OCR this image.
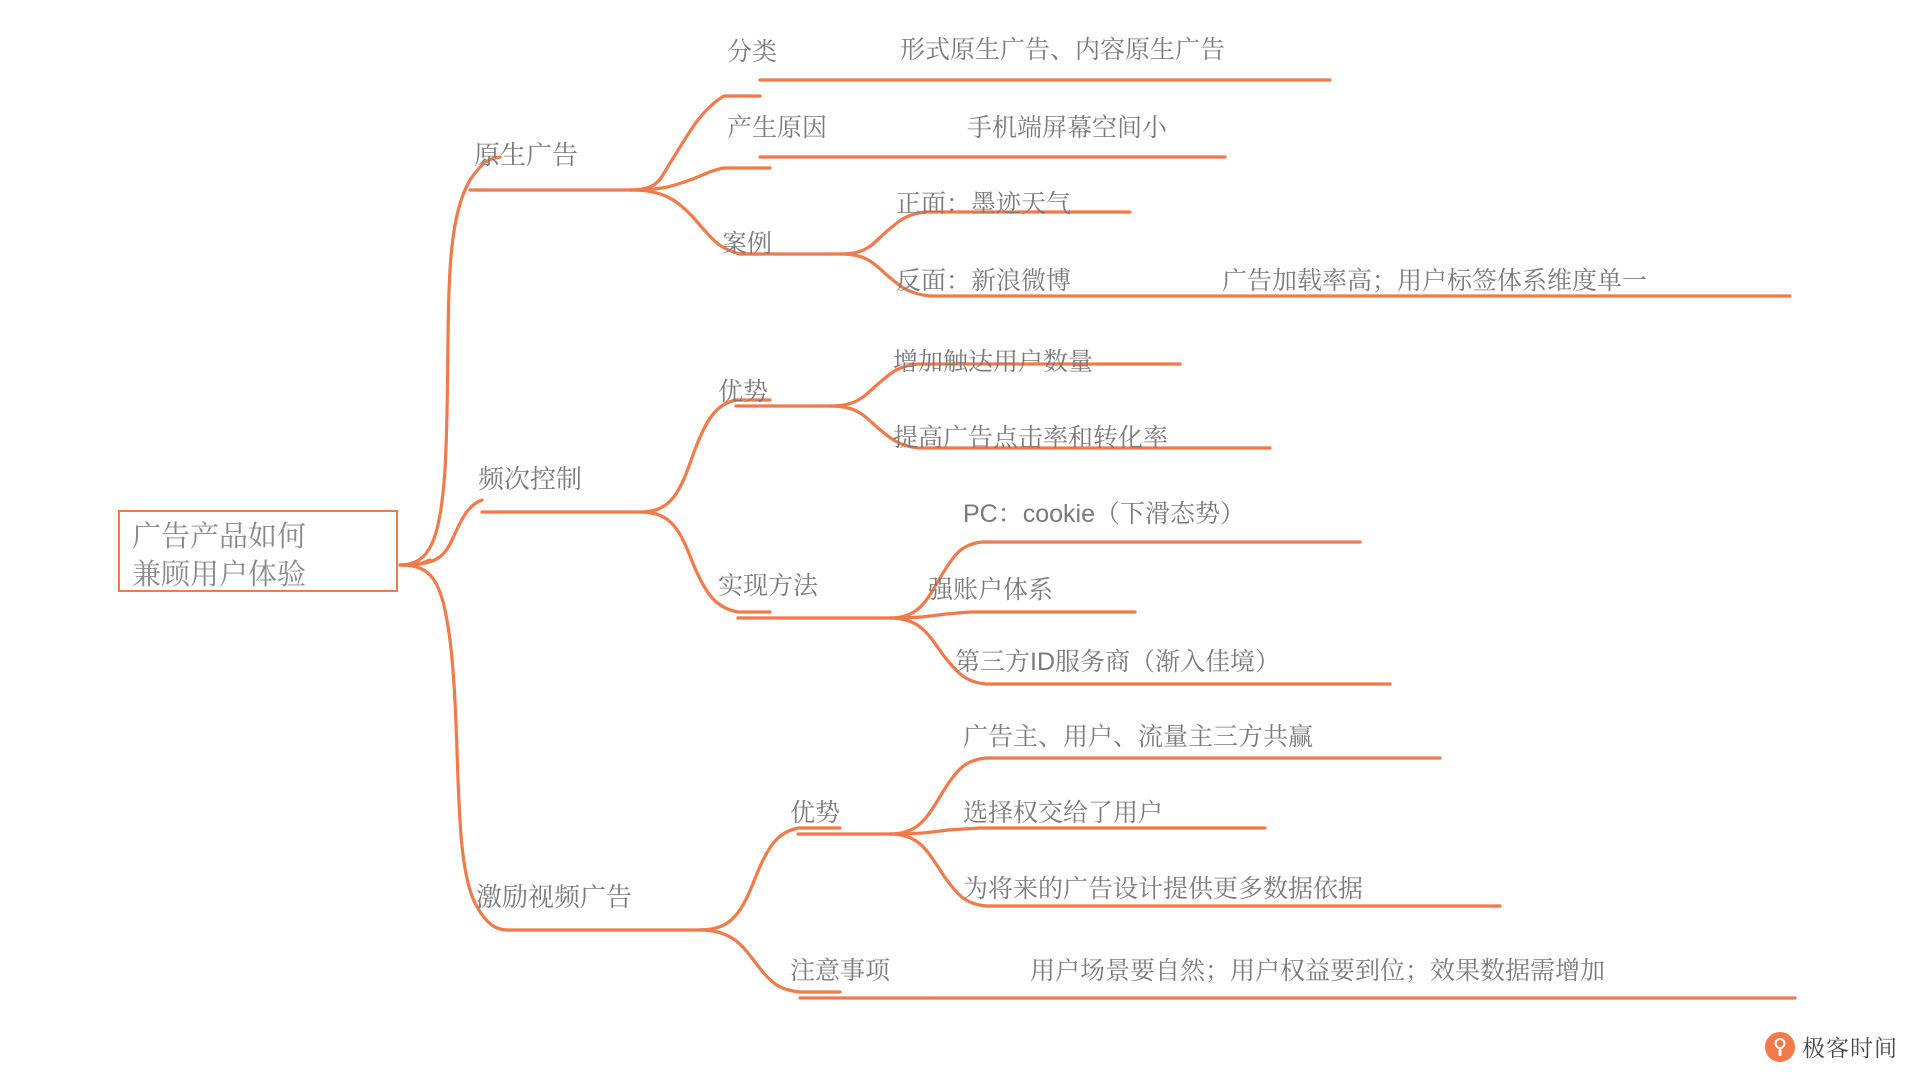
广告产品如何
兼顾用户体验
原生广告
频次控制
激励视频广告
分类
产生原因
案例
形式原生广告、内容原生广告
手机端屏幕空间小
正面：墨迹天气
反面：新浪微博	广告加载率高；用户标签体系维度单一
优势
实现方法
增加触达用户数量
提高广告点击率和转化率
PC：cookie（下滑态势）
强账户体系
第三方ID服务商（渐入佳境）
优势
注意事项
广告主、用户、流量主三方共赢
选择权交给了用户
为将来的广告设计提供更多数据依据
用户场景要自然；用户权益要到位；效果数据需增加
极客时间
